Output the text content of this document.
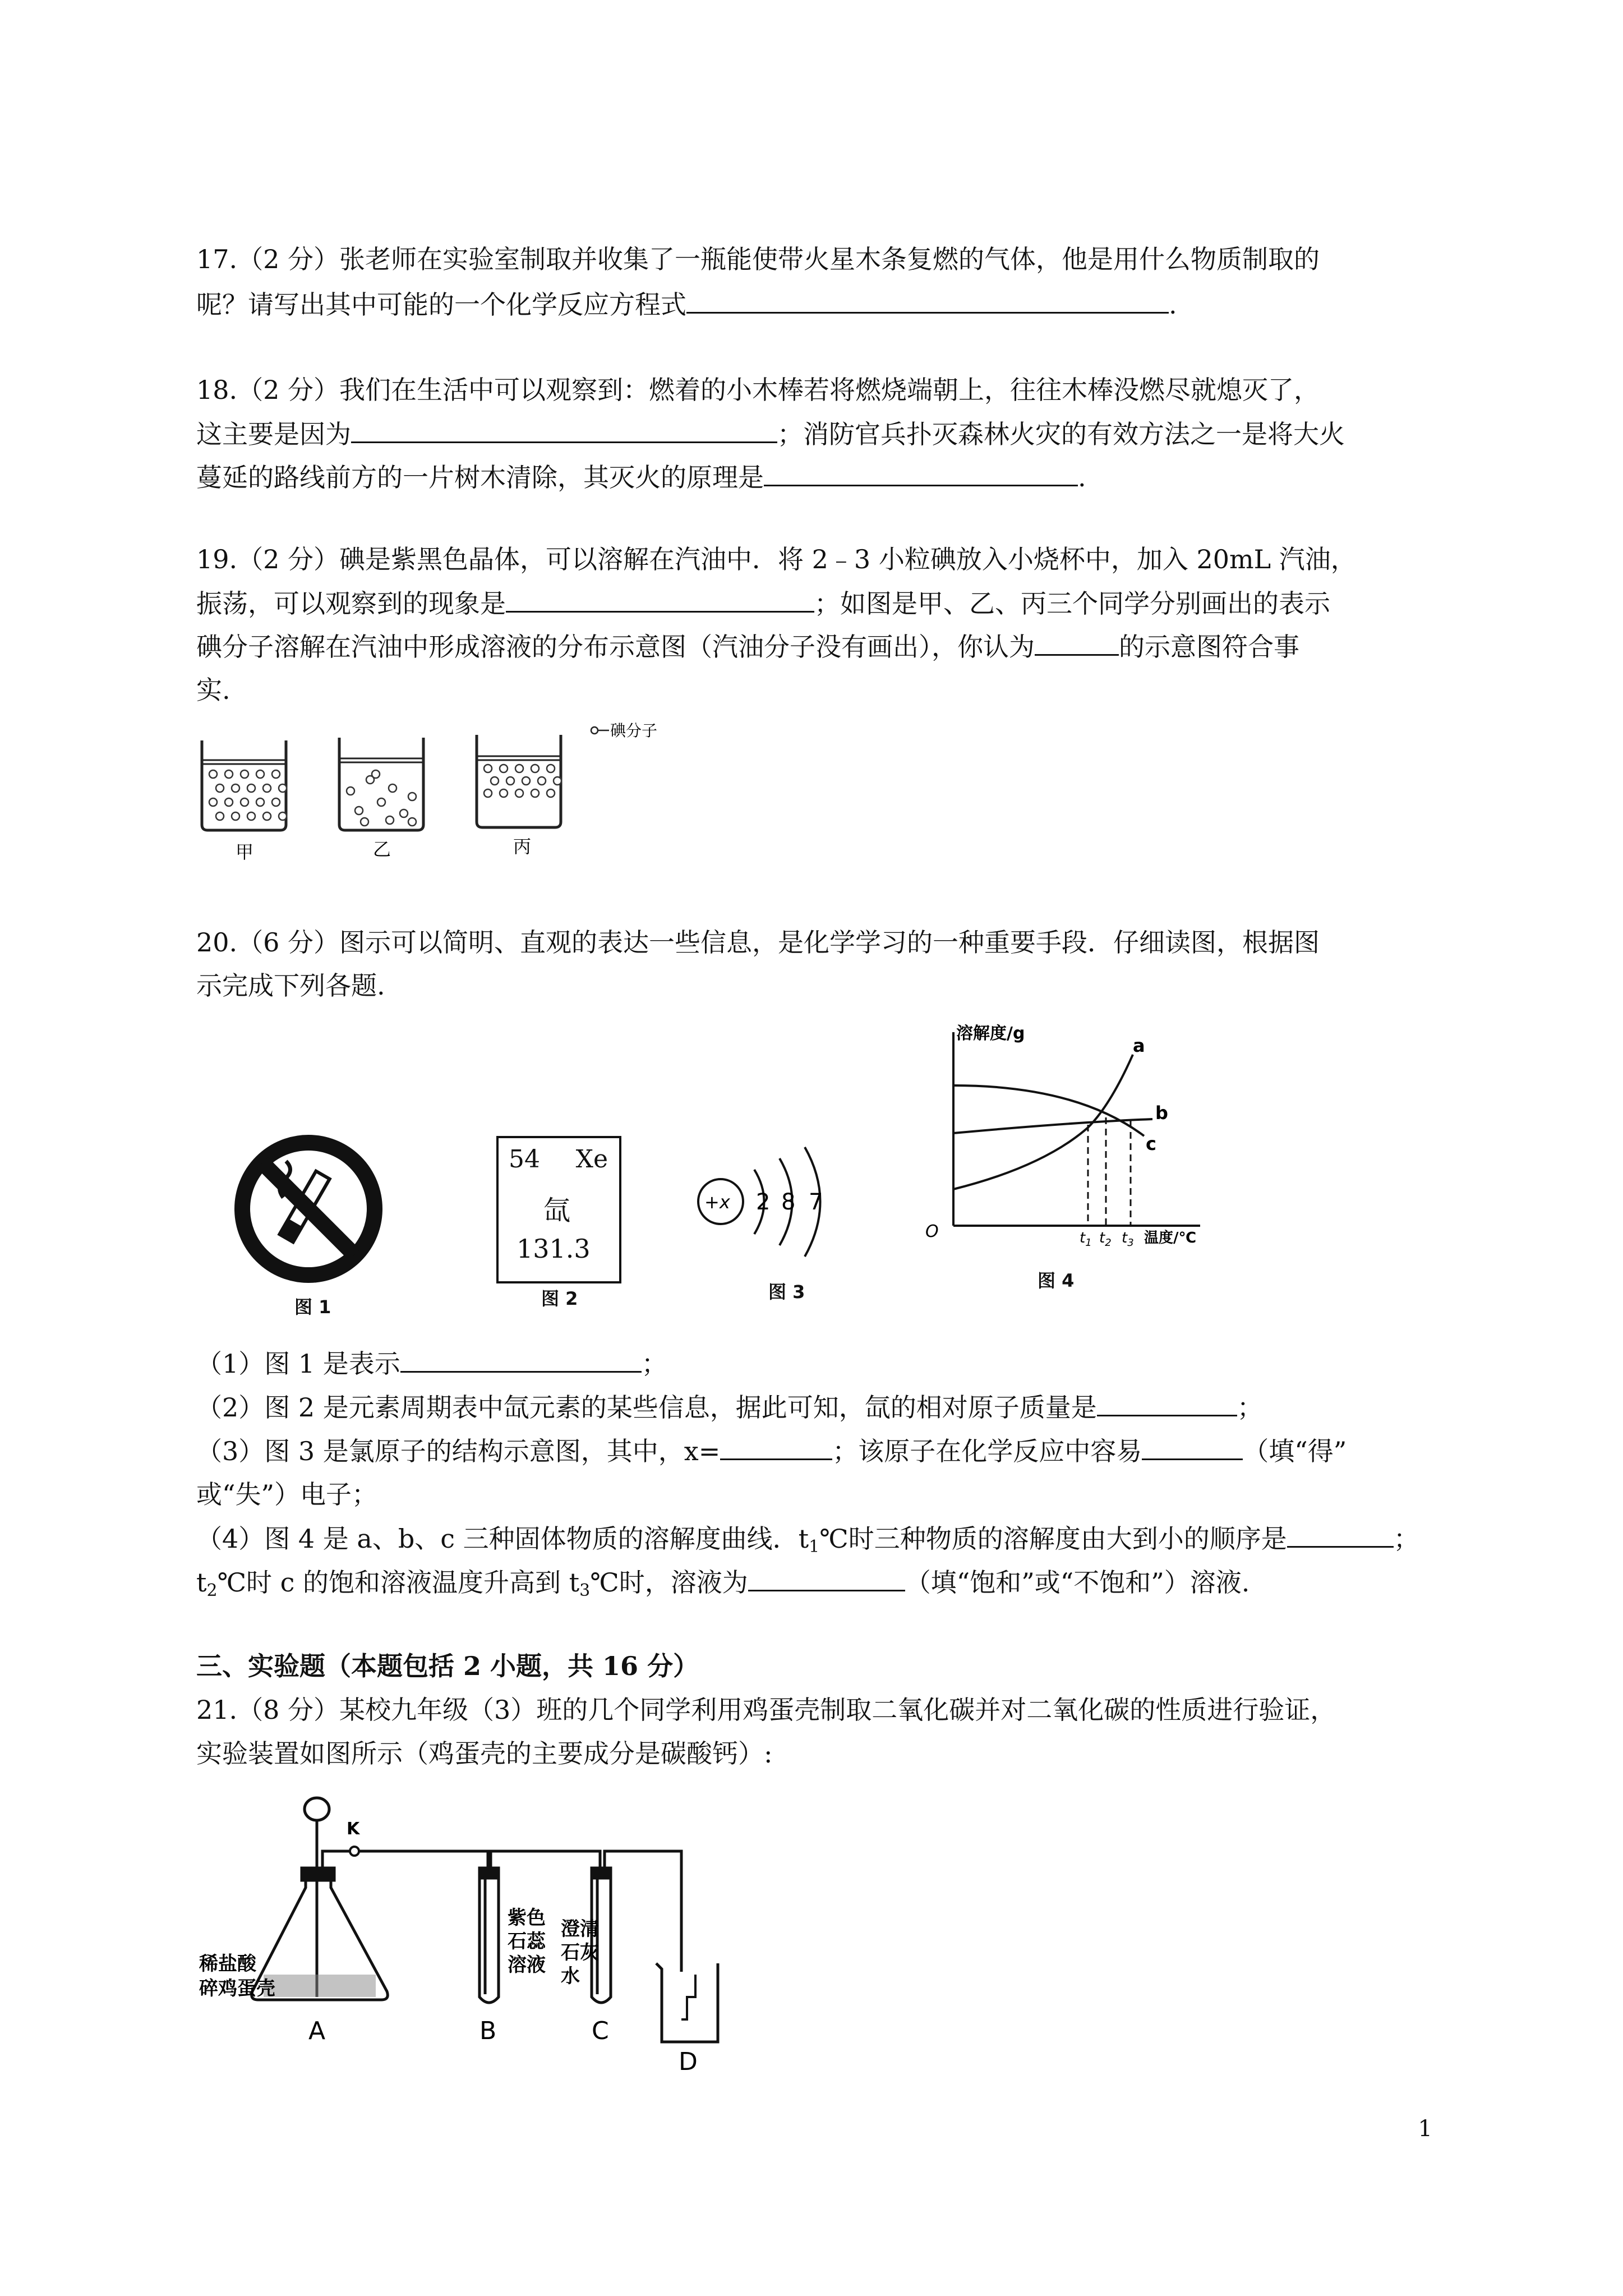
17.（2 分）张老师在实验室制取并收集了一瓶能使带火星木条复燃的气体，他是用什么物质制取的
呢？请写出其中可能的一个化学反应方程式	.
18.（2 分）我们在生活中可以观察到：燃着的小木棒若将燃烧端朝上，往往木棒没燃尽就熄灭了，
这主要是因为	；消防官兵扑灭森林火灾的有效方法之一是将大火
蔓延的路线前方的一片树木清除，其灭火的原理是	.
19.（2 分）碘是紫黑色晶体，可以溶解在汽油中．将 2﹣3 小粒碘放入小烧杯中，加入 20mL 汽油，
振荡，可以观察到的现象是	；如图是甲、乙、丙三个同学分别画出的表示
碘分子溶解在汽油中形成溶液的分布示意图（汽油分子没有画出），你认为	的示意图符合事
实.
碘分子
甲	乙	丙
20.（6 分）图示可以简明、直观的表达一些信息，是化学学习的一种重要手段．仔细读图，根据图
示完成下列各题.
图 1
54 Xe
氙
131.3
图 2
+x 2 8 7
图 3
溶解度/g
O	温度/℃
a
b
c
$t_1$ $t_2$ $t_3$
图 4
（1）图 1 是表示	；
（2）图 2 是元素周期表中氙元素的某些信息，据此可知，氙的相对原子质量是	；
（3）图 3 是氯原子的结构示意图，其中，x=	；该原子在化学反应中容易	（填“得”
或“失”）电子；
（4）图 4 是 a、b、c 三种固体物质的溶解度曲线．$t_1℃$时三种物质的溶解度由大到小的顺序是	；
$t_2℃$时 c 的饱和溶液温度升高到 $t_3℃$时，溶液为	（填“饱和”或“不饱和”）溶液.
三、实验题（本题包括 2 小题，共 16 分）
21.（8 分）某校九年级（3）班的几个同学利用鸡蛋壳制取二氧化碳并对二氧化碳的性质进行验证，
实验装置如图所示（鸡蛋壳的主要成分是碳酸钙）:
K
稀盐酸
碎鸡蛋壳
紫色
石蕊
溶液
澄清
石灰
水
A	B	C
D
1
